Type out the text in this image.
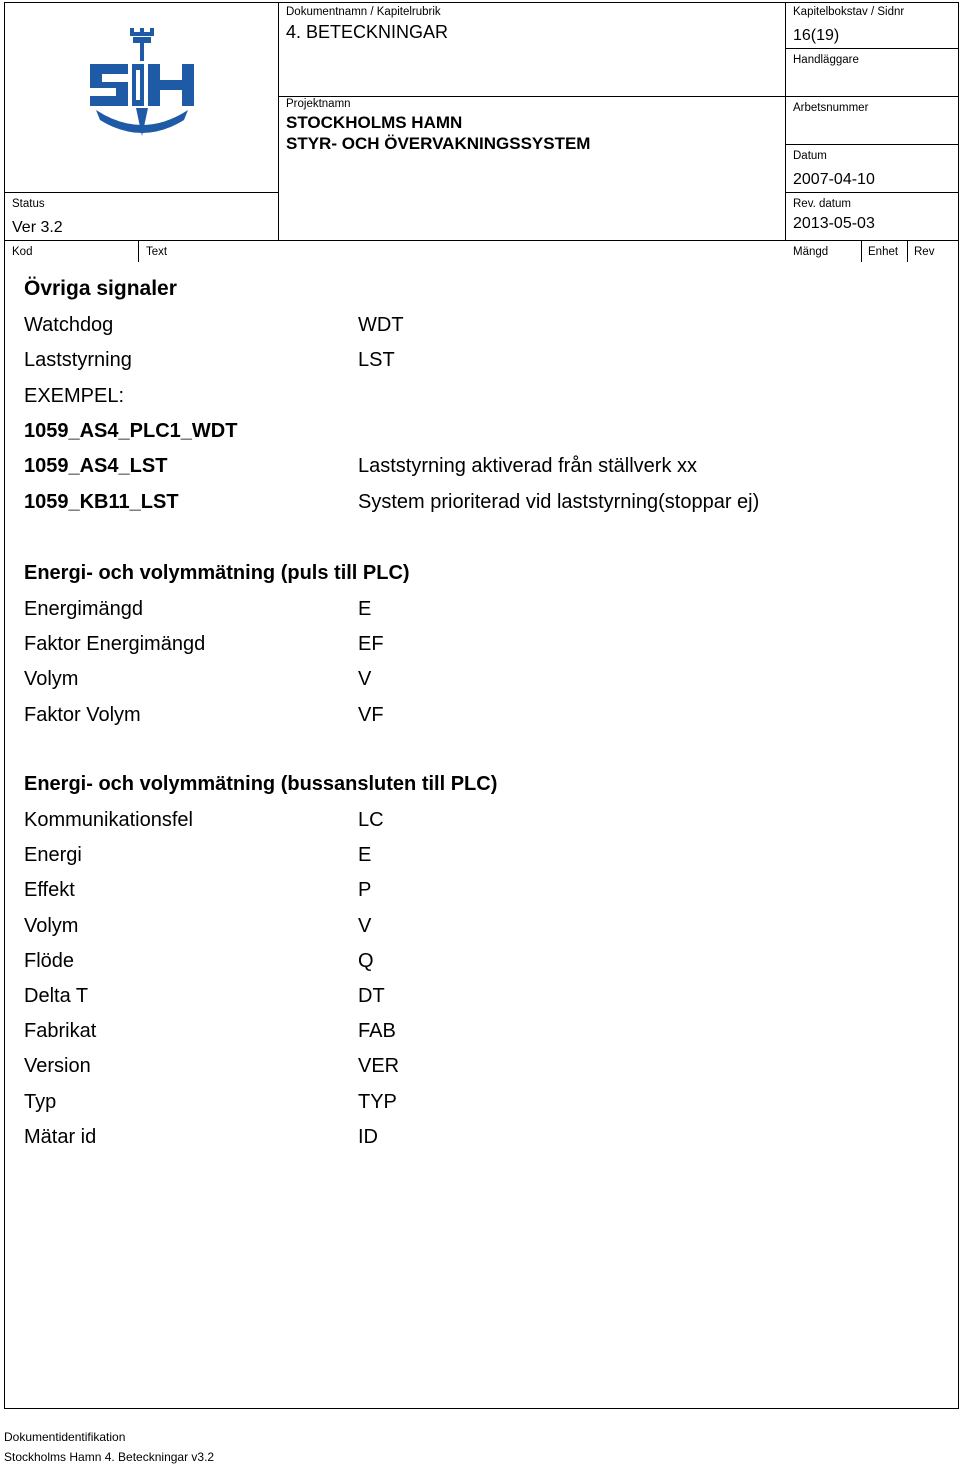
Status
Ver 3.2
Dokumentnamn / Kapitelrubrik
4. BETECKNINGAR
Projektnamn
STOCKHOLMS HAMN
STYR- OCH ÖVERVAKNINGSSYSTEM
Kapitelbokstav / Sidnr
16(19)
Handläggare
Arbetsnummer
Datum
2007-04-10
Rev. datum
2013-05-03
Kod	Text	Mängd	Enhet Rev
Övriga signaler
Watchdog	WDT
Laststyrning	LST
EXEMPEL:
1059_AS4_PLC1_WDT
1059_AS4_LST	Laststyrning aktiverad från ställverk xx
1059_KB11_LST	System prioriterad vid laststyrning(stoppar ej)
Energi- och volymmätning (puls till PLC)
Energimängd	E
Faktor Energimängd	EF
Volym	V
Faktor Volym	VF
Energi- och volymmätning (bussansluten till PLC)
Kommunikationsfel	LC
Energi	E
Effekt	P
Volym	V
Flöde	Q
Delta T	DT
Fabrikat	FAB
Version	VER
Typ	TYP
Mätar id	ID
Dokumentidentifikation
Stockholms Hamn 4. Beteckningar v3.2
